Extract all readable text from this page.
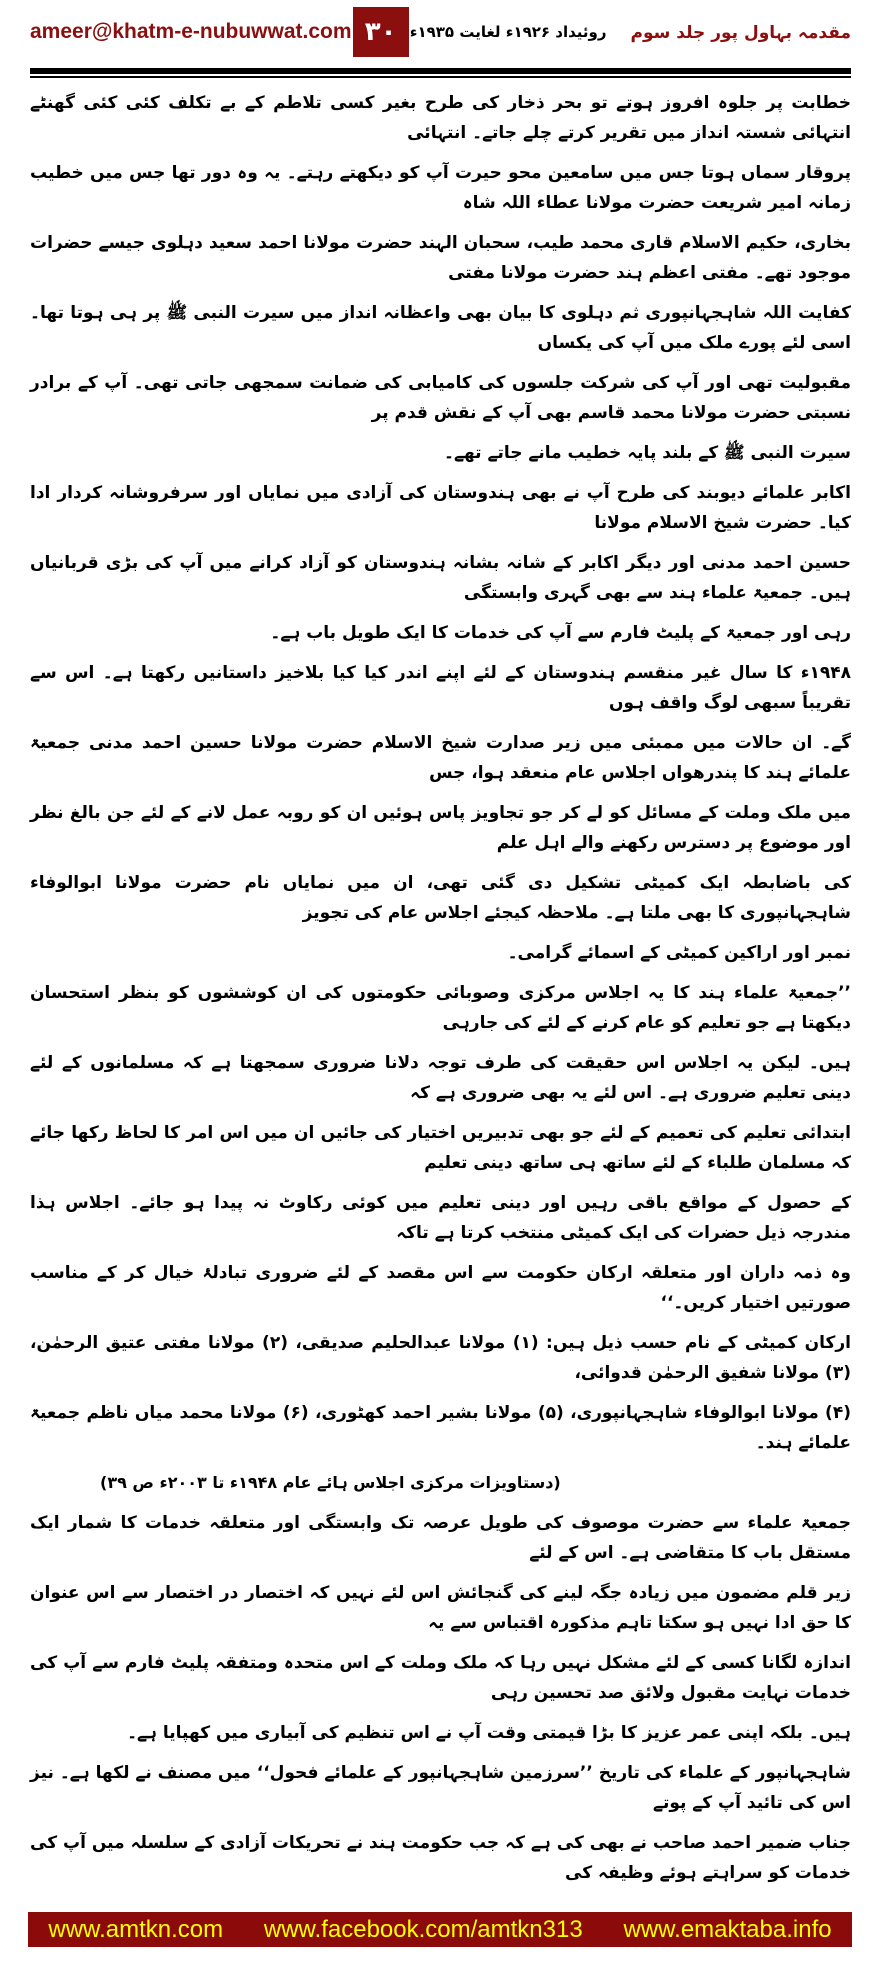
ameer@khatm-e-nubuwwat.com ۳۰	مقدمہ بہاول پور جلد سوم
روئیداد ۱۹۲۶ء لغایت ۱۹۳۵ء
خطابت پر جلوہ افروز ہوتے تو بحر ذخار کی طرح بغیر کسی تلاطم کے بے تکلف کئی کئی گھنٹے انتہائی شستہ انداز میں تقریر کرتے چلے جاتے۔ انتہائی
پروقار سماں ہوتا جس میں سامعین محو حیرت آپ کو دیکھتے رہتے۔ یہ وہ دور تھا جس میں خطیب زمانہ امیر شریعت حضرت مولانا عطاء اللہ شاہ
بخاری، حکیم الاسلام قاری محمد طیب، سحبان الہند حضرت مولانا احمد سعید دہلوی جیسے حضرات موجود تھے۔ مفتی اعظم ہند حضرت مولانا مفتی
کفایت اللہ شاہجہانپوری ثم دہلوی کا بیان بھی واعظانہ انداز میں سیرت النبی ﷺ پر ہی ہوتا تھا۔ اسی لئے پورے ملک میں آپ کی یکساں
مقبولیت تھی اور آپ کی شرکت جلسوں کی کامیابی کی ضمانت سمجھی جاتی تھی۔ آپ کے برادر نسبتی حضرت مولانا محمد قاسم بھی آپ کے نقش قدم پر
سیرت النبی ﷺ کے بلند پایہ خطیب مانے جاتے تھے۔
اکابر علمائے دیوبند کی طرح آپ نے بھی ہندوستان کی آزادی میں نمایاں اور سرفروشانہ کردار ادا کیا۔ حضرت شیخ الاسلام مولانا
حسین احمد مدنی اور دیگر اکابر کے شانہ بشانہ ہندوستان کو آزاد کرانے میں آپ کی بڑی قربانیاں ہیں۔ جمعیۃ علماء ہند سے بھی گہری وابستگی
رہی اور جمعیۃ کے پلیٹ فارم سے آپ کی خدمات کا ایک طویل باب ہے۔
۱۹۴۸ء کا سال غیر منقسم ہندوستان کے لئے اپنے اندر کیا کیا بلاخیز داستانیں رکھتا ہے۔ اس سے تقریباً سبھی لوگ واقف ہوں
گے۔ ان حالات میں ممبئی میں زیر صدارت شیخ الاسلام حضرت مولانا حسین احمد مدنی جمعیۃ علمائے ہند کا پندرھواں اجلاس عام منعقد ہوا، جس
میں ملک وملت کے مسائل کو لے کر جو تجاویز پاس ہوئیں ان کو روبہ عمل لانے کے لئے جن بالغ نظر اور موضوع پر دسترس رکھنے والے اہل علم
کی باضابطہ ایک کمیٹی تشکیل دی گئی تھی، ان میں نمایاں نام حضرت مولانا ابوالوفاء شاہجہانپوری کا بھی ملتا ہے۔ ملاحظہ کیجئے اجلاس عام کی تجویز
نمبر اور اراکین کمیٹی کے اسمائے گرامی۔
’’جمعیۃ علماء ہند کا یہ اجلاس مرکزی وصوبائی حکومتوں کی ان کوششوں کو بنظر استحسان دیکھتا ہے جو تعلیم کو عام کرنے کے لئے کی جارہی
ہیں۔ لیکن یہ اجلاس اس حقیقت کی طرف توجہ دلانا ضروری سمجھتا ہے کہ مسلمانوں کے لئے دینی تعلیم ضروری ہے۔ اس لئے یہ بھی ضروری ہے کہ
ابتدائی تعلیم کی تعمیم کے لئے جو بھی تدبیریں اختیار کی جائیں ان میں اس امر کا لحاظ رکھا جائے کہ مسلمان طلباء کے لئے ساتھ ہی ساتھ دینی تعلیم
کے حصول کے مواقع باقی رہیں اور دینی تعلیم میں کوئی رکاوٹ نہ پیدا ہو جائے۔ اجلاس ہذا مندرجہ ذیل حضرات کی ایک کمیٹی منتخب کرتا ہے تاکہ
وہ ذمہ داران اور متعلقہ ارکان حکومت سے اس مقصد کے لئے ضروری تبادلۂ خیال کر کے مناسب صورتیں اختیار کریں۔‘‘
ارکان کمیٹی کے نام حسب ذیل ہیں: (۱) مولانا عبدالحلیم صدیقی، (۲) مولانا مفتی عتیق الرحمٰن، (۳) مولانا شفیق الرحمٰن قدوائی،
(۴) مولانا ابوالوفاء شاہجہانپوری، (۵) مولانا بشیر احمد کھٹوری، (۶) مولانا محمد میاں ناظم جمعیۃ علمائے ہند۔
(دستاویزات مرکزی اجلاس ہائے عام ۱۹۴۸ء تا ۲۰۰۳ء ص ۳۹)
جمعیۃ علماء سے حضرت موصوف کی طویل عرصہ تک وابستگی اور متعلقہ خدمات کا شمار ایک مستقل باب کا متقاضی ہے۔ اس کے لئے
زیر قلم مضمون میں زیادہ جگہ لینے کی گنجائش اس لئے نہیں کہ اختصار در اختصار سے اس عنوان کا حق ادا نہیں ہو سکتا تاہم مذکورہ اقتباس سے یہ
اندازہ لگانا کسی کے لئے مشکل نہیں رہا کہ ملک وملت کے اس متحدہ ومتفقہ پلیٹ فارم سے آپ کی خدمات نہایت مقبول ولائق صد تحسین رہی
ہیں۔ بلکہ اپنی عمر عزیز کا بڑا قیمتی وقت آپ نے اس تنظیم کی آبیاری میں کھپایا ہے۔
شاہجہانپور کے علماء کی تاریخ ’’سرزمین شاہجہانپور کے علمائے فحول‘‘ میں مصنف نے لکھا ہے۔ نیز اس کی تائید آپ کے پوتے
جناب ضمیر احمد صاحب نے بھی کی ہے کہ جب حکومت ہند نے تحریکات آزادی کے سلسلہ میں آپ کی خدمات کو سراہتے ہوئے وظیفہ کی
www.amtkn.com www.facebook.com/amtkn313 www.emaktaba.info
